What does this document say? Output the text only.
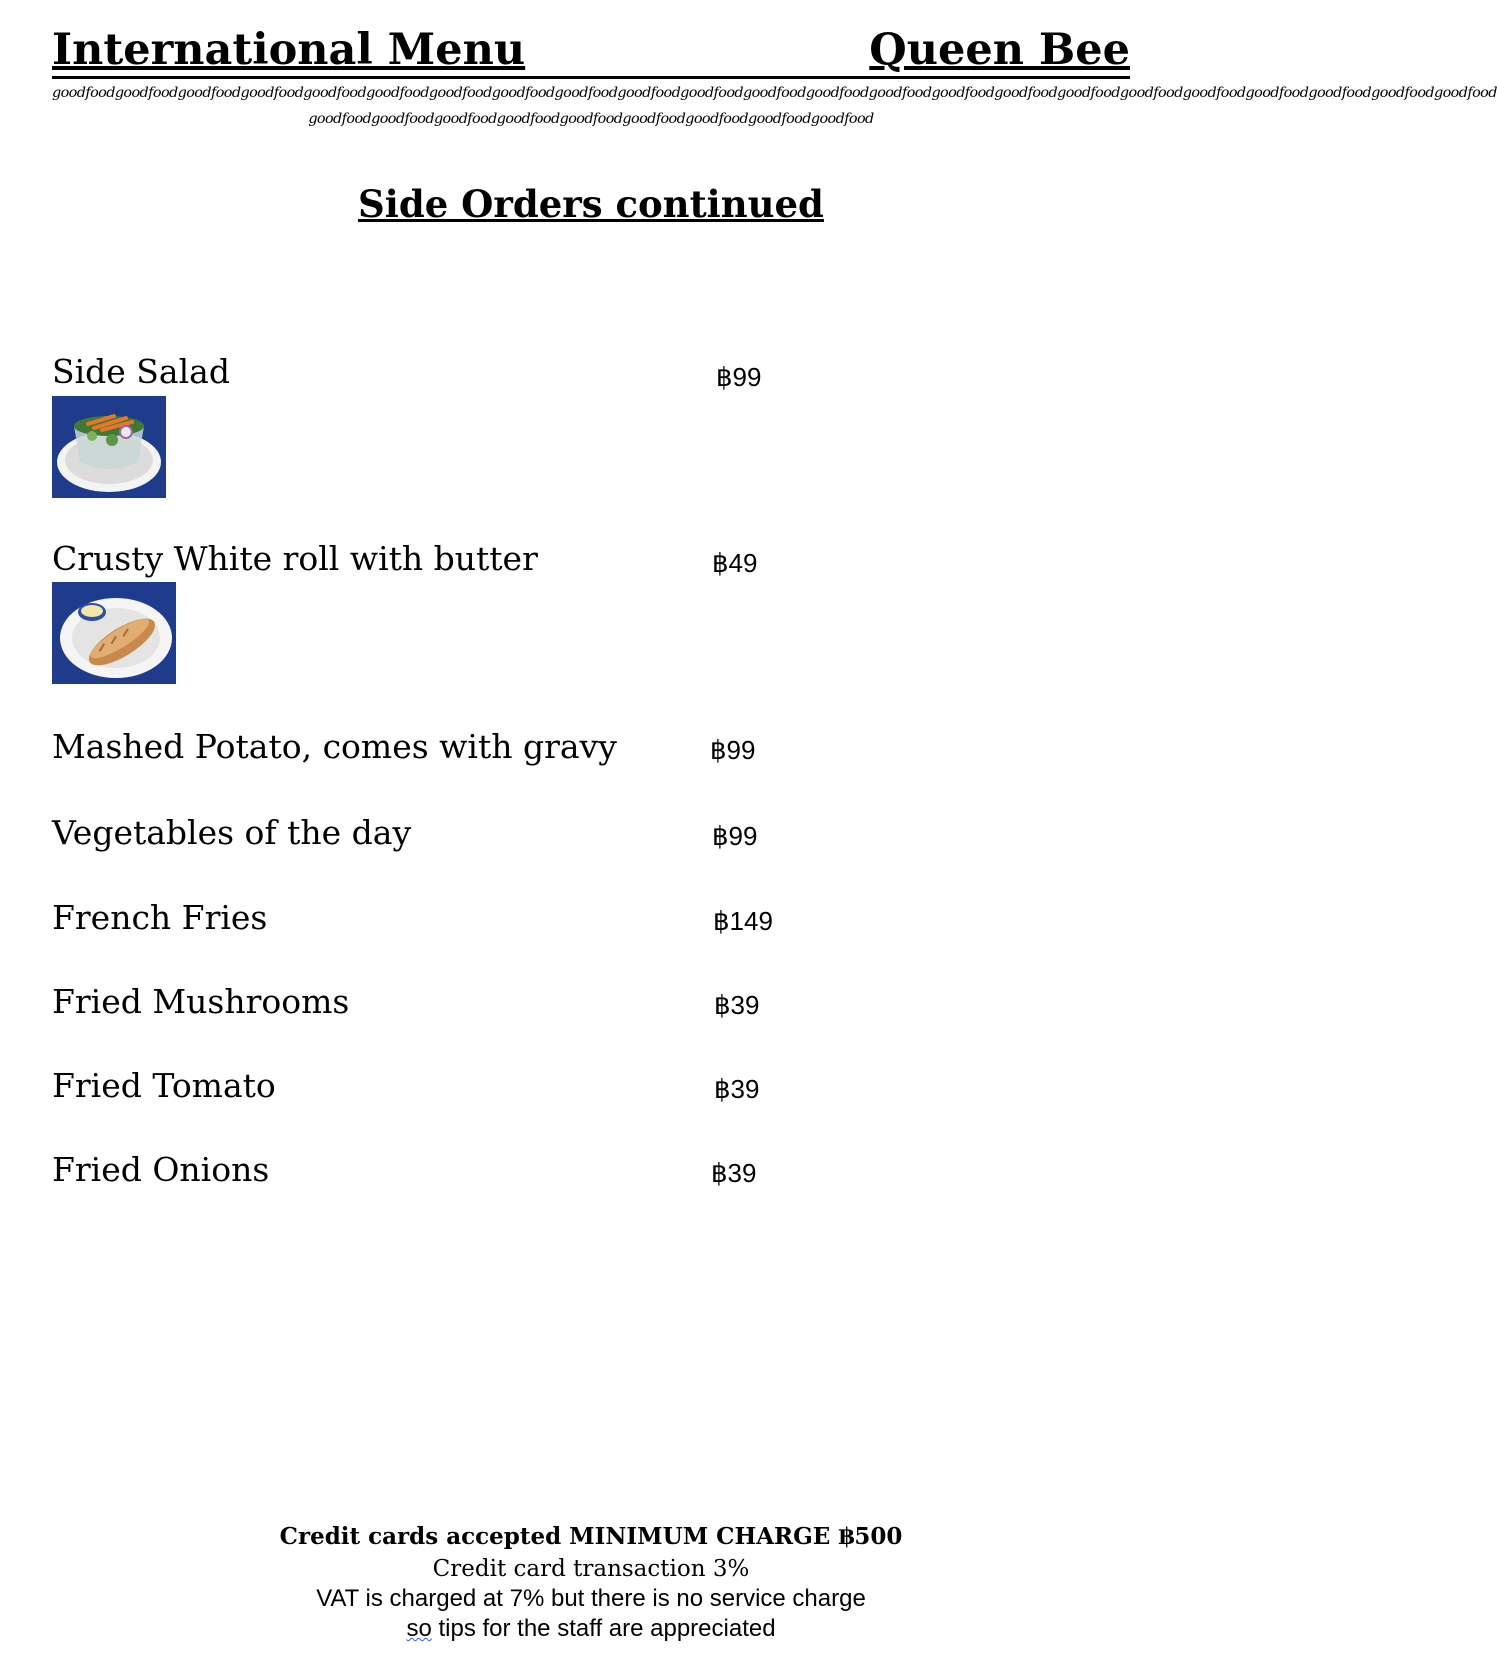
International Menu	Queen Bee
goodfoodgoodfoodgoodfoodgoodfoodgoodfoodgoodfoodgoodfoodgoodfoodgoodfoodgoodfoodgoodfoodgoodfoodgoodfoodgoodfoodgoodfoodgoodfoodgoodfoodgoodfoodgoodfoodgoodfoodgoodfoodgoodfoodgoodfood
goodfoodgoodfoodgoodfoodgoodfoodgoodfoodgoodfoodgoodfoodgoodfoodgoodfood
Side Orders continued
Side Salad	฿99
Crusty White roll with butter	฿49
Mashed Potato, comes with gravy	฿99
Vegetables of the day	฿99
French Fries	฿149
Fried Mushrooms	฿39
Fried Tomato	฿39
Fried Onions	฿39
Credit cards accepted MINIMUM CHARGE ฿500
Credit card transaction 3%
VAT is charged at 7% but there is no service charge
so tips for the staff are appreciated
